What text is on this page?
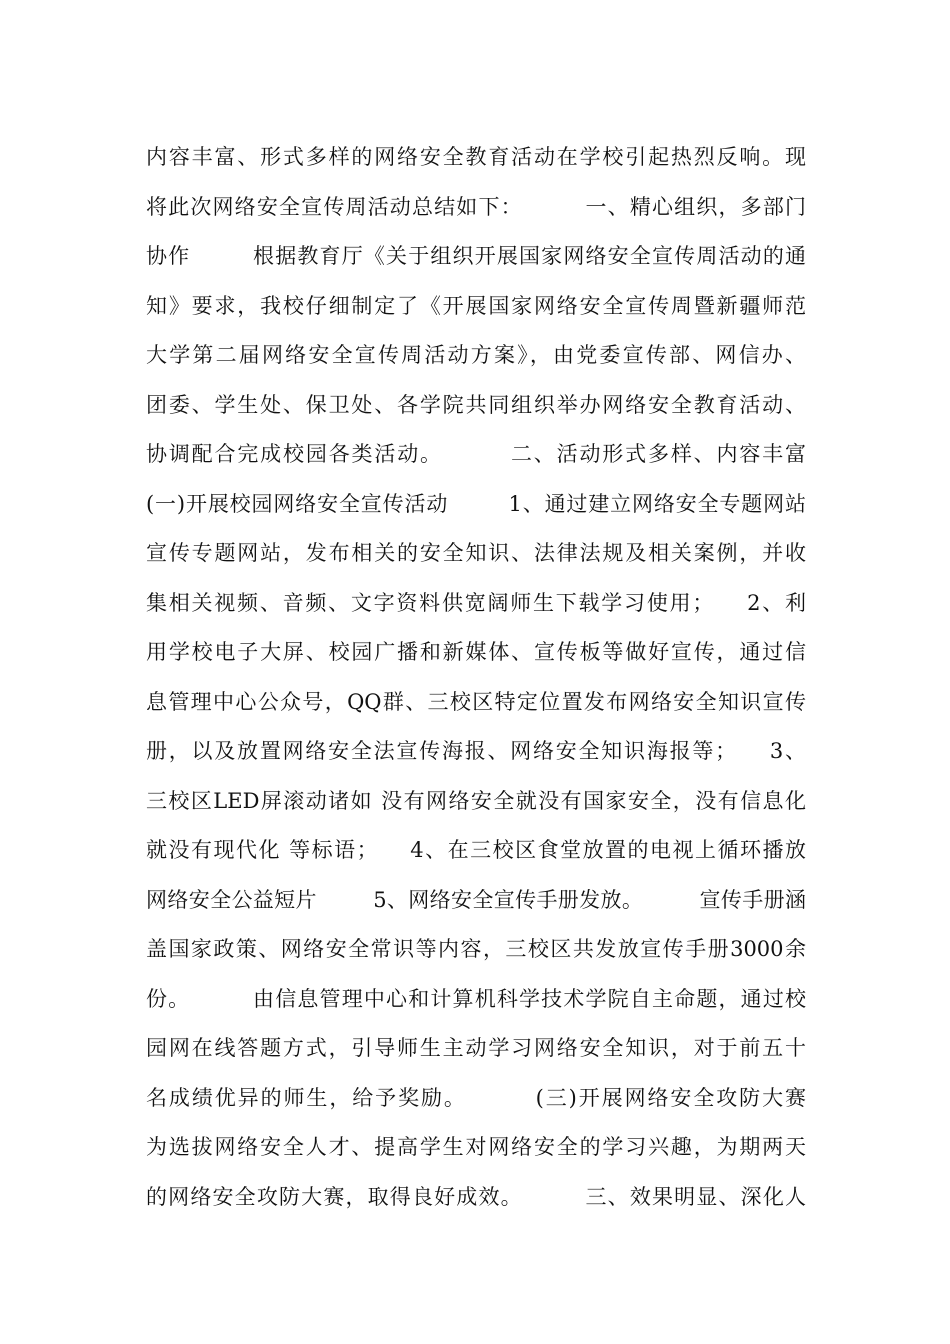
内容丰富、形式多样的网络安全教育活动在学校引起热烈反响。现
将此次网络安全宣传周活动总结如下：        一、精心组织，多部门
协作        根据教育厅《关于组织开展国家网络安全宣传周活动的通
知》要求，我校仔细制定了《开展国家网络安全宣传周暨新疆师范
大学第二届网络安全宣传周活动方案》，由党委宣传部、网信办、
团委、学生处、保卫处、各学院共同组织举办网络安全教育活动、
协调配合完成校园各类活动。        二、活动形式多样、内容丰富
(一)开展校园网络安全宣传活动        1、通过建立网络安全专题网站
宣传专题网站，发布相关的安全知识、法律法规及相关案例，并收
集相关视频、音频、文字资料供宽阔师生下载学习使用；    2、利
用学校电子大屏、校园广播和新媒体、宣传板等做好宣传，通过信
息管理中心公众号，QQ群、三校区特定位置发布网络安全知识宣传
册，以及放置网络安全法宣传海报、网络安全知识海报等；    3、
三校区LED屏滚动诸如 没有网络安全就没有国家安全，没有信息化
就没有现代化 等标语；    4、在三校区食堂放置的电视上循环播放
网络安全公益短片        5、网络安全宣传手册发放。        宣传手册涵
盖国家政策、网络安全常识等内容，三校区共发放宣传手册3000余
份。        由信息管理中心和计算机科学技术学院自主命题，通过校
园网在线答题方式，引导师生主动学习网络安全知识，对于前五十
名成绩优异的师生，给予奖励。        (三)开展网络安全攻防大赛
为选拔网络安全人才、提高学生对网络安全的学习兴趣，为期两天
的网络安全攻防大赛，取得良好成效。        三、效果明显、深化人
